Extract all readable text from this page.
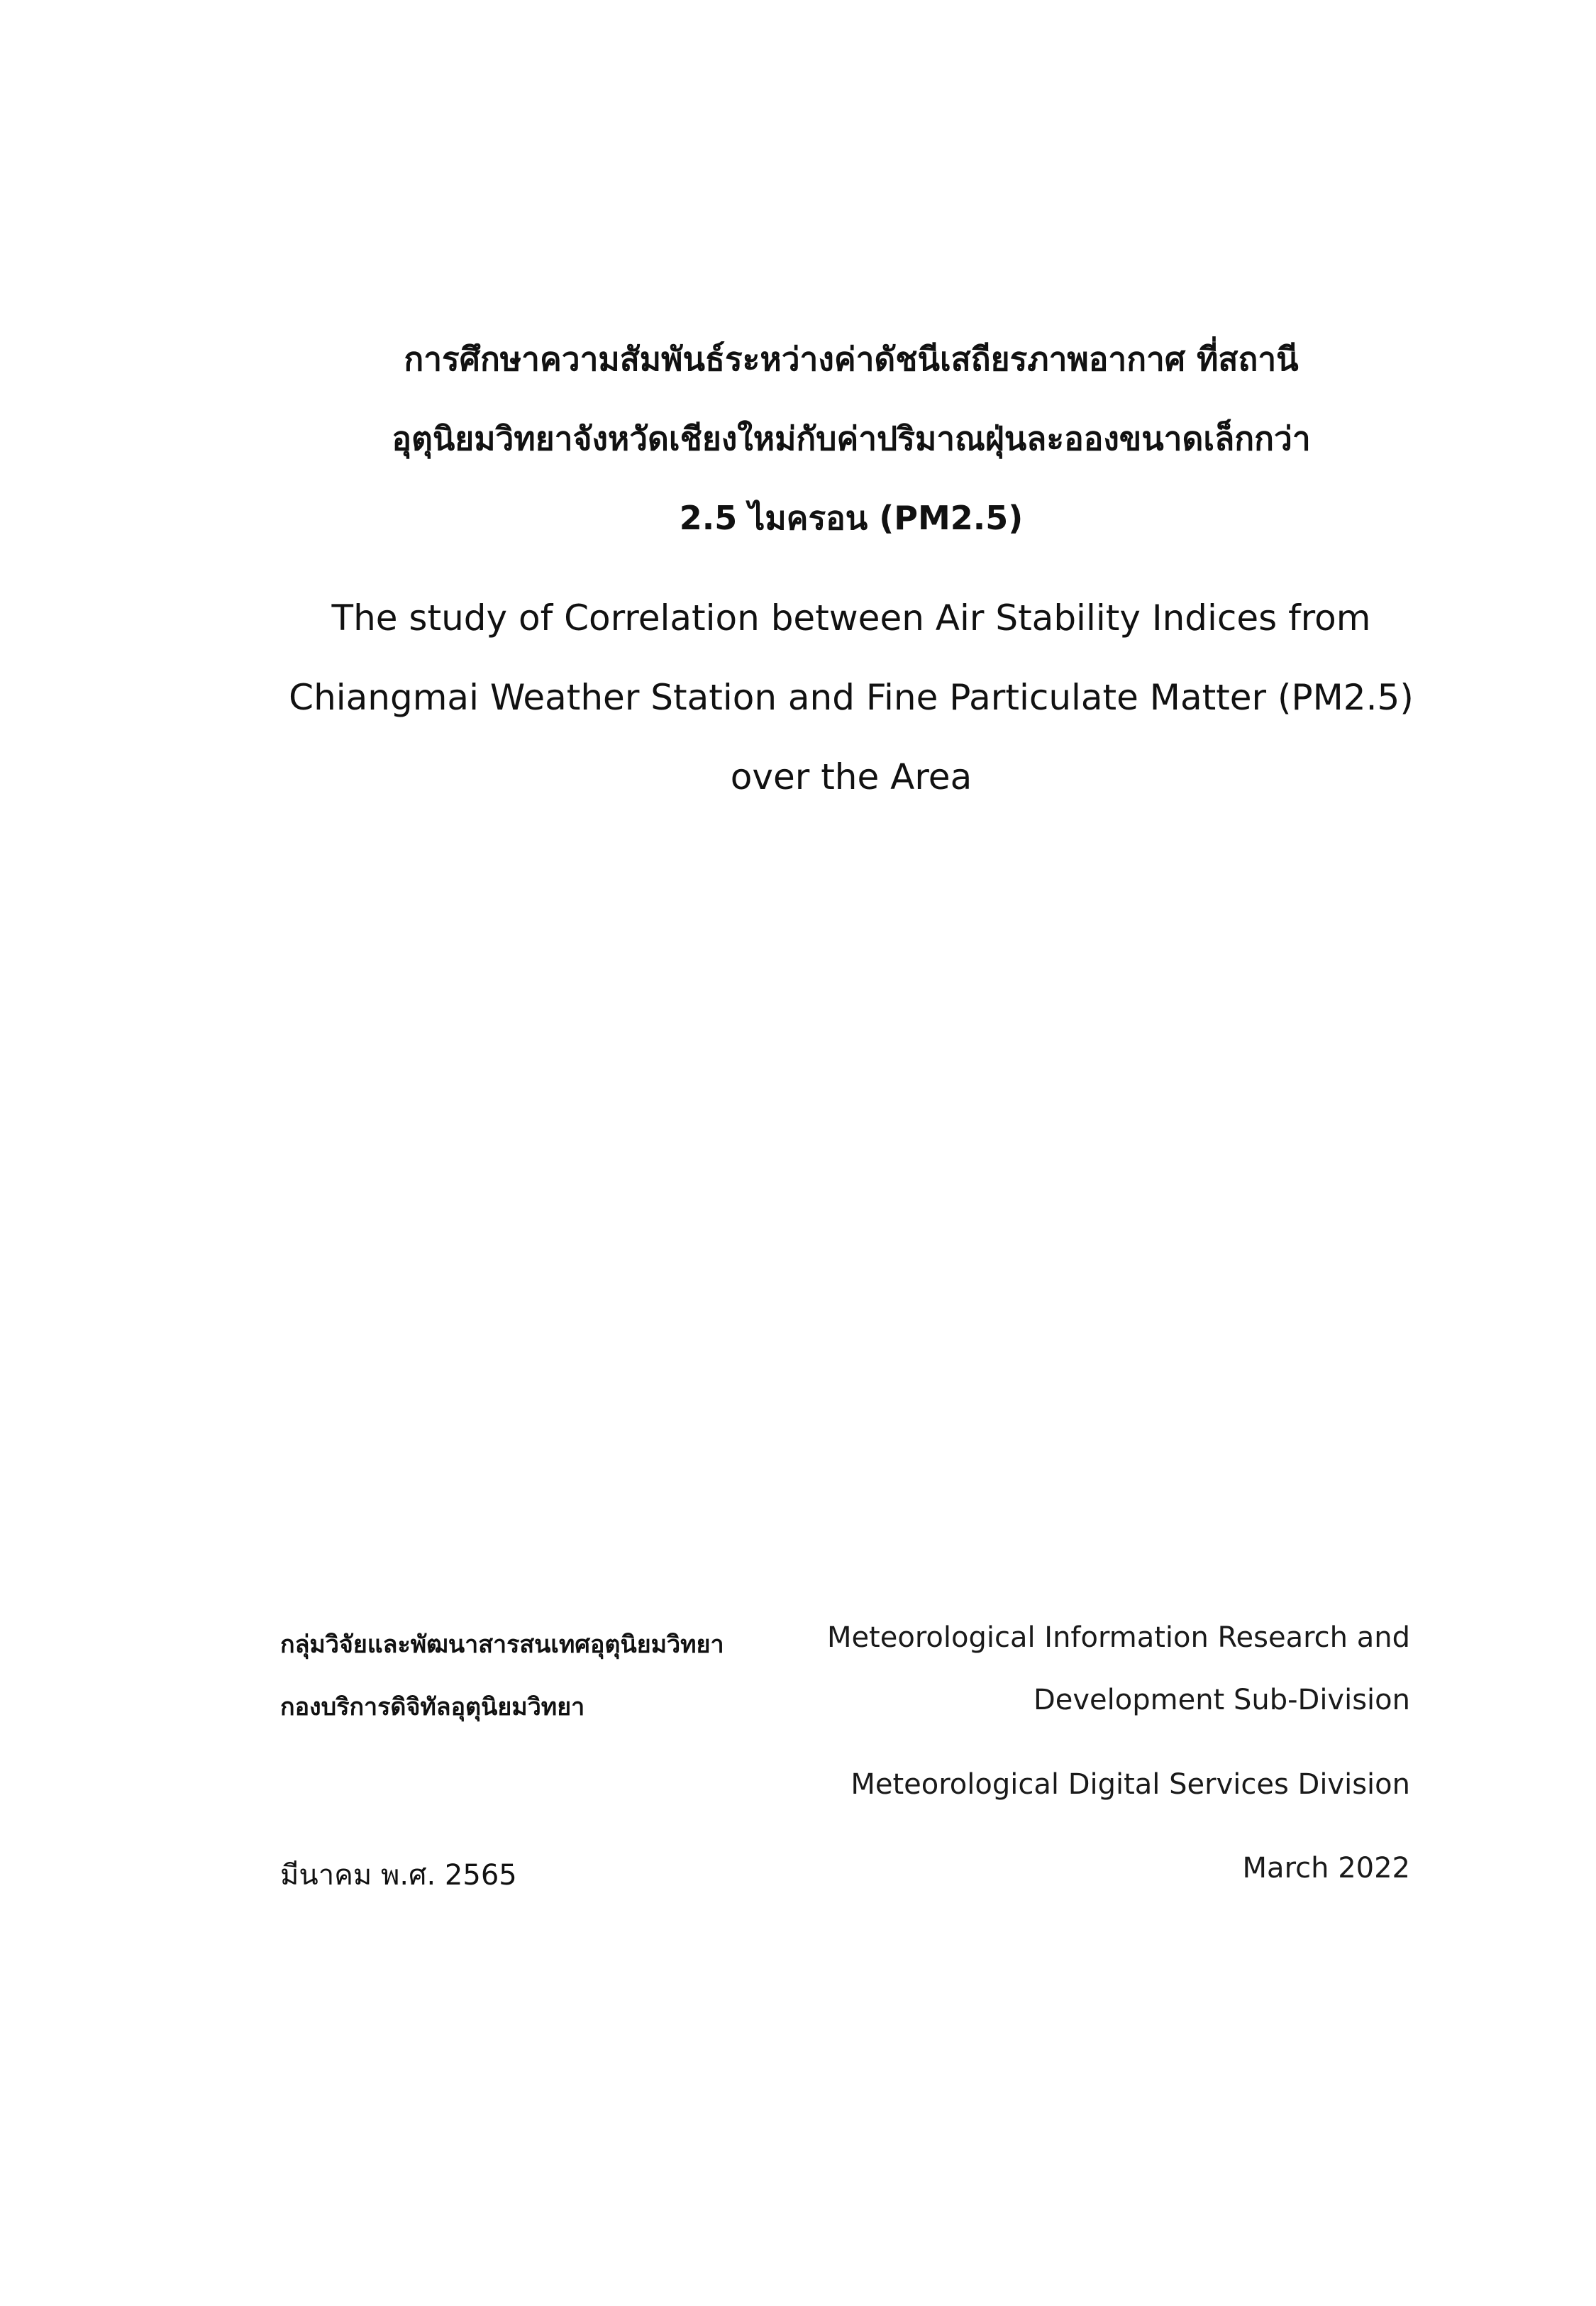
การศึกษาความสัมพันธ์ระหว่างค่าดัชนีเสถียรภาพอากาศ ที่สถานี
อุตุนิยมวิทยาจังหวัดเชียงใหม่กับค่าปริมาณฝุ่นละอองขนาดเล็กกว่า
2.5 ไมครอน (PM2.5)
The study of Correlation between Air Stability Indices from
Chiangmai Weather Station and Fine Particulate Matter (PM2.5)
over the Area
กลุ่มวิจัยและพัฒนาสารสนเทศอุตุนิยมวิทยา
กองบริการดิจิทัลอุตุนิยมวิทยา
มีนาคม พ.ศ. 2565
Meteorological Information Research and
Development Sub-Division
Meteorological Digital Services Division
March 2022
